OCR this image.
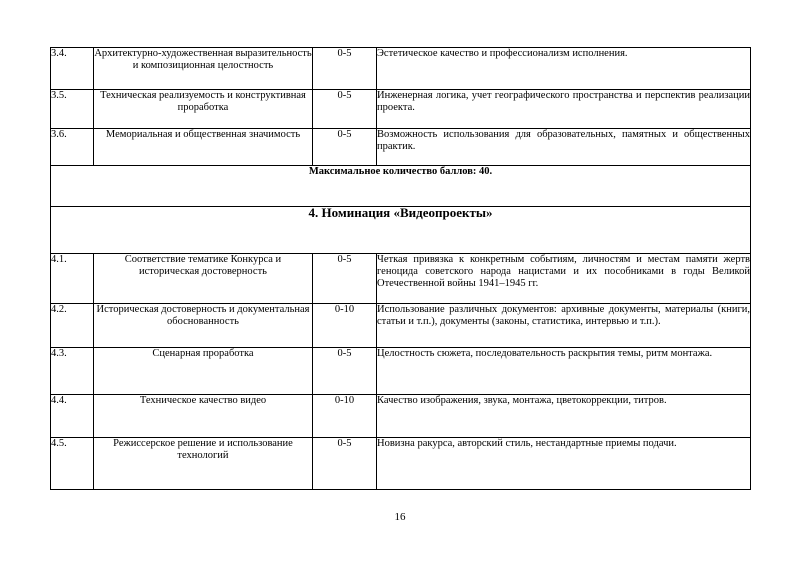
3.4.	Архитектурно-художественная выразительность и композиционная целостность	0-5	Эстетическое качество и профессионализм исполнения.
3.5.	Техническая реализуемость и конструктивная проработка	0-5	Инженерная логика, учет географического пространства и перспектив реализации проекта.
3.6.	Мемориальная и общественная значимость	0-5	Возможность использования для образовательных, памятных и общественных практик.
Максимальное количество баллов: 40.			
4. Номинация «Видеопроекты»			
4.1.	Соответствие тематике Конкурса и историческая достоверность	0-5	Четкая привязка к конкретным событиям, личностям и местам памяти жертв геноцида советского народа нацистами и их пособниками в годы Великой Отечественной войны 1941–1945 гг.
4.2.	Историческая достоверность и документальная обоснованность	0-10	Использование различных документов: архивные документы, материалы (книги, статьи и т.п.), документы (законы, статистика, интервью и т.п.).
4.3.	Сценарная проработка	0-5	Целостность сюжета, последовательность раскрытия темы, ритм монтажа.
4.4.	Техническое качество видео	0-10	Качество изображения, звука, монтажа, цветокоррекции, титров.
4.5.	Режиссерское решение и использование технологий	0-5	Новизна ракурса, авторский стиль, нестандартные приемы подачи.
16
